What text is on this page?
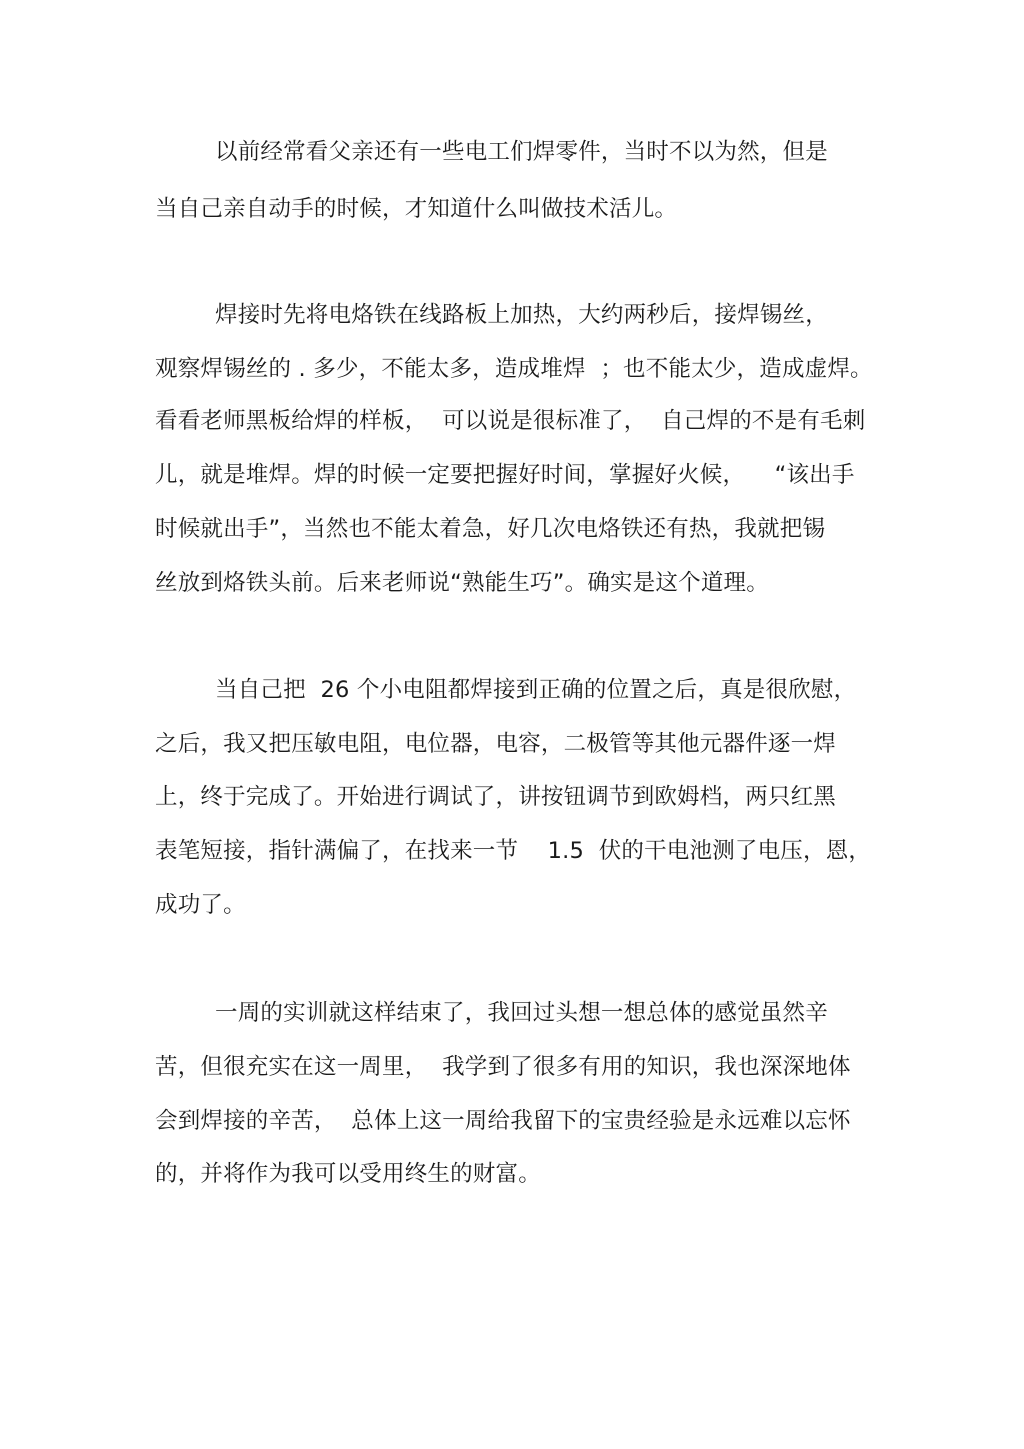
以前经常看父亲还有一些电工们焊零件，当时不以为然，但是
当自己亲自动手的时候，才知道什么叫做技术活儿。
焊接时先将电烙铁在线路板上加热，大约两秒后，接焊锡丝，
观察焊锡丝的 . 多少，不能太多，造成堆焊  ；也不能太少，造成虚焊。
看看老师黑板给焊的样板，  可以说是很标准了，  自己焊的不是有毛刺
儿，就是堆焊。焊的时候一定要把握好时间，掌握好火候，    “该出手
时候就出手”，当然也不能太着急，好几次电烙铁还有热，我就把锡
丝放到烙铁头前。后来老师说“熟能生巧”。确实是这个道理。
当自己把  26 个小电阻都焊接到正确的位置之后，真是很欣慰，
之后，我又把压敏电阻，电位器，电容，二极管等其他元器件逐一焊
上，终于完成了。开始进行调试了，讲按钮调节到欧姆档，两只红黑
表笔短接，指针满偏了，在找来一节    1.5  伏的干电池测了电压，恩，
成功了。
一周的实训就这样结束了，我回过头想一想总体的感觉虽然辛
苦，但很充实在这一周里，  我学到了很多有用的知识，我也深深地体
会到焊接的辛苦，  总体上这一周给我留下的宝贵经验是永远难以忘怀
的，并将作为我可以受用终生的财富。
